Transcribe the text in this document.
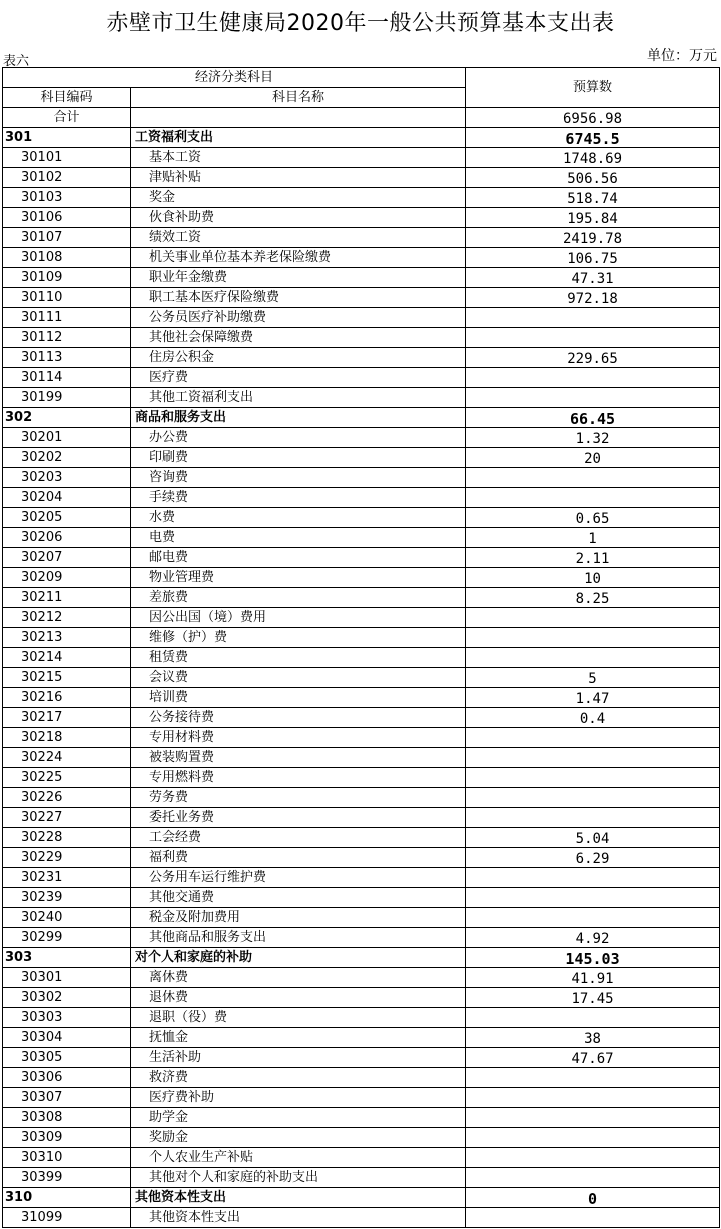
赤壁市卫生健康局2020年一般公共预算基本支出表
表六	单位：万元
经济分类科目		预算数
科目编码	科目名称	
合计		6956.98
301	工资福利支出	6745.5
30101	基本工资	1748.69
30102	津贴补贴	506.56
30103	奖金	518.74
30106	伙食补助费	195.84
30107	绩效工资	2419.78
30108	机关事业单位基本养老保险缴费	106.75
30109	职业年金缴费	47.31
30110	职工基本医疗保险缴费	972.18
30111	公务员医疗补助缴费	
30112	其他社会保障缴费	
30113	住房公积金	229.65
30114	医疗费	
30199	其他工资福利支出	
302	商品和服务支出	66.45
30201	办公费	1.32
30202	印刷费	20
30203	咨询费	
30204	手续费	
30205	水费	0.65
30206	电费	1
30207	邮电费	2.11
30209	物业管理费	10
30211	差旅费	8.25
30212	因公出国（境）费用	
30213	维修（护）费	
30214	租赁费	
30215	会议费	5
30216	培训费	1.47
30217	公务接待费	0.4
30218	专用材料费	
30224	被装购置费	
30225	专用燃料费	
30226	劳务费	
30227	委托业务费	
30228	工会经费	5.04
30229	福利费	6.29
30231	公务用车运行维护费	
30239	其他交通费	
30240	税金及附加费用	
30299	其他商品和服务支出	4.92
303	对个人和家庭的补助	145.03
30301	离休费	41.91
30302	退休费	17.45
30303	退职（役）费	
30304	抚恤金	38
30305	生活补助	47.67
30306	救济费	
30307	医疗费补助	
30308	助学金	
30309	奖励金	
30310	个人农业生产补贴	
30399	其他对个人和家庭的补助支出	
310	其他资本性支出	0
31099	其他资本性支出	
